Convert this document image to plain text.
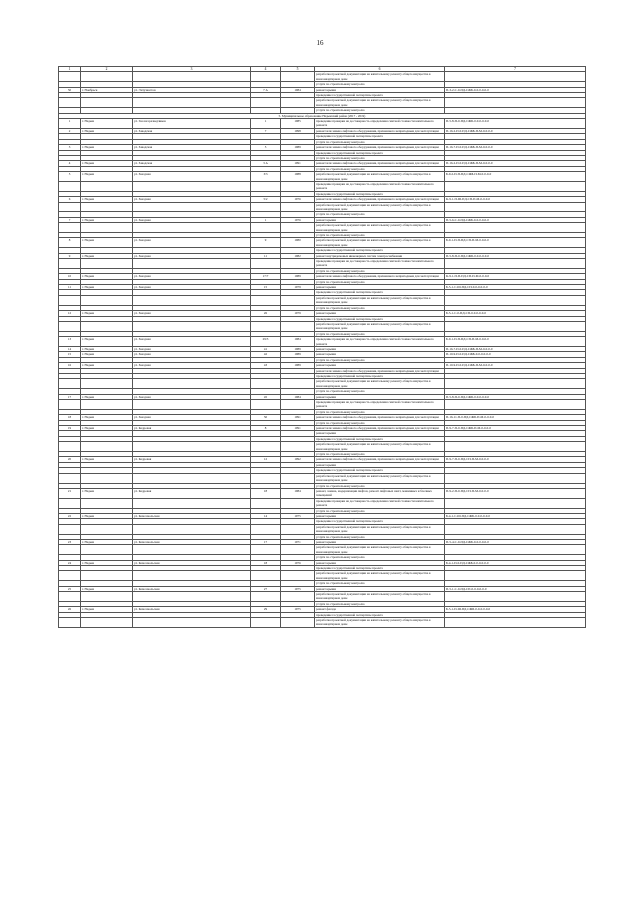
16
1	2	3	4	5	6	7
					разработка проектной документации на капитальному ремонту общего имущества в многоквартирном доме	
					услуги по строительному контролю	
50	г. Ноябрьск	ул. Энтузиастов	7 А	1984	ремонт крыши	П-3-2-С-0-ПД-СЖБ-0-0-0-0-0-0
					проведение государственной экспертизы проекта	
					разработка проектной документации на капитальному ремонту общего имущества в многоквартирном доме	
					услуги по строительному контролю	
5. Муниципальное образование Надымский район (2017 - 2019)						
1	г. Надым	ул. Геологоразведчиков	1	1985	проведение проверки на достоверность определения сметной стоимости капитального ремонта	П-5-8-П-0-ПД-СЖБ-0-0-0-0-0-0
2	г. Надым	ул. Заводская	7	1998	ремонт или замена лифтового оборудования, признанного непригодным для эксплуатации	П-16-2-П-0-ПД-СЖБ-П-М-0-0-0-0
					проведение государственной экспертизы проекта	
					услуги по строительному контролю	
3	г. Надым	ул. Заводская	5	1989	ремонт или замена лифтового оборудования, признанного непригодным для эксплуатации	П-16-7-П-0-ПД-СЖБ-П-М-0-0-0-0
					проведение государственной экспертизы проекта	
					услуги по строительному контролю	
4	г. Надым	ул. Заводская	3 А	1991	ремонт или замена лифтового оборудования, признанного непригодным для эксплуатации	П-16-2-П-0-ПД-СЖБ-П-М-0-0-0-0
					услуги по строительному контролю	
5	г. Надым	ул. Звездная	3/3	1988	разработка проектной документации на капитальному ремонту общего имущества в многоквартирном доме	Б-9-2-П-П-ПД-СЖБ-П-М-0-0-0-0
					проведение проверки на достоверность определения сметной стоимости капитального ремонта	
					проведение государственной экспертизы проекта	
6	г. Надым	ул. Звездная	5/2	1976	ремонт или замена лифтового оборудования, признанного непригодным для эксплуатации	К-9-1-П-Ш-ПД-СП-П-М-0-0-0-0
					разработка проектной документации на капитальному ремонту общего имущества в многоквартирном доме	
					услуги по строительному контролю	
7	г. Надым	ул. Звездная	1	1976	ремонт крыши	П-5-6-С-0-ПД-СЖБ-0-0-0-0-0-0
					разработка проектной документации на капитальному ремонту общего имущества в многоквартирном доме	
					услуги по строительному контролю	
8	г. Надым	ул. Звездная	9	1980	разработка проектной документации на капитальному ремонту общего имущества в многоквартирном доме	Б-9-1-П-П-ПД-СП-П-М-0-0-0-0
					проведение государственной экспертизы проекта	
9	г. Надым	ул. Звездная	11	1982	ремонт внутридомовых инженерных систем электроснабжения	П-5-8-П-0-ПД-СЖБ-0-0-0-0-0-0
					проведение проверки на достоверность определения сметной стоимости капитального ремонта	
					услуги по строительному контролю	
10	г. Надым	ул. Звездная	17/7	1989	ремонт или замена лифтового оборудования, признанного непригодным для эксплуатации	К-9-1-П-П-ПД-СП-П-М-0-0-0-0
					услуги по строительному контролю	
11	г. Надым	ул. Звездная	15	1979	ремонт крыши	Б-5-1-С-Ш-ПД-СП-0-0-0-0-0-0
					проведение государственной экспертизы проекта	
					разработка проектной документации на капитальному ремонту общего имущества в многоквартирном доме	
					услуги по строительному контролю	
12	г. Надым	ул. Звездная	26	1979	ремонт крыши	Б-5-1-С-0-ПД-СП-0-0-0-0-0-0
					проведение государственной экспертизы проекта	
					разработка проектной документации на капитальному ремонту общего имущества в многоквартирном доме	
					услуги по строительному контролю	
13	г. Надым	ул. Звездная	29/3	1984	проведение проверки на достоверность определения сметной стоимости капитального ремонта	Б-9-1-П-П-ПД-СП-П-М-0-0-0-0
14	г. Надым	ул. Звездная	41	1989	ремонт крыши	П-16-7-П-0-ПД-СЖБ-П-М-0-0-0-0
15	г. Надым	ул. Звездная	42	1989	ремонт крыши	П-10-9-П-0-ПД-СЖБ-0-0-0-0-0-0
					услуги по строительному контролю	
16	г. Надым	ул. Звездная	43	1989	ремонт крыши	П-10-9-П-0-ПД-СЖБ-П-М-0-0-0-0
					ремонт или замена лифтового оборудования, признанного непригодным для эксплуатации	
					проведение государственной экспертизы проекта	
					разработка проектной документации на капитальному ремонту общего имущества в многоквартирном доме	
					услуги по строительному контролю	
17	г. Надым	ул. Звездная	45	1984	ремонт крыши	П-5-8-П-0-ПД-СЖБ-0-0-0-0-0-0
					проведение проверки на достоверность определения сметной стоимости капитального ремонта	
					услуги по строительному контролю	
18	г. Надым	ул. Звездная	50	1991	ремонт или замена лифтового оборудования, признанного непригодным для эксплуатации	П-16-11-П-0-ПД-СЖБ-П-М-0-0-0-0
					услуги по строительному контролю	
19	г. Надым	ул. Кедровая	8	1991	ремонт или замена лифтового оборудования, признанного непригодным для эксплуатации	П-9-7-П-0-ПД-СЖБ-П-М-0-0-0-0
					ремонт крыши	
					проведение государственной экспертизы проекта	
					разработка проектной документации на капитальному ремонту общего имущества в многоквартирном доме	
					услуги по строительному контролю	
20	г. Надым	ул. Кедровая	12	1992	ремонт или замена лифтового оборудования, признанного непригодным для эксплуатации	П-9-7-П-0-ПД-СП-П-М-0-0-0-0
					ремонт крыши	
					проведение государственной экспертизы проекта	
					разработка проектной документации на капитальному ремонту общего имущества в многоквартирном доме	
					услуги по строительному контролю	
21	г. Надым	ул. Кедровая	18	1984	ремонт, замена, модернизация лифтов, ремонт лифтовых шахт, машинных и блочных помещений	П-9-2-П-0-ПД-СП-П-М-0-0-0-0
					проведение проверки на достоверность определения сметной стоимости капитального ремонта	
					услуги по строительному контролю	
22	г. Надым	ул. Комсомольская	14	1975	ремонт крыши	Б-4-1-С-Ш-ПД-СЖБ-0-0-0-0-0-0
					проведение государственной экспертизы проекта	
					разработка проектной документации на капитальному ремонту общего имущества в многоквартирном доме	
					услуги по строительному контролю	
23	г. Надым	ул. Комсомольская	17	1971	ремонт крыши	П-5-4-С-0-ПД-СЖБ-0-0-0-0-0-0
					разработка проектной документации на капитальному ремонту общего имущества в многоквартирном доме	
					услуги по строительному контролю	
24	г. Надым	ул. Комсомольская	18	1976	ремонт крыши	Б-4-1-П-0-ПД-СЖБ-0-0-0-0-0-0
					проведение государственной экспертизы проекта	
					разработка проектной документации на капитальному ремонту общего имущества в многоквартирном доме	
					услуги по строительному контролю	
25	г. Надым	ул. Комсомольская	27	1975	ремонт крыши	П-5-1-С-0-ПД-СП-0-0-0-0-0-0
					разработка проектной документации на капитальному ремонту общего имущества в многоквартирном доме	
					услуги по строительному контролю	
26	г. Надым	ул. Комсомольская	29	1975	ремонт фасада	Б-5-1-П-Ш-ПД-СЖБ-0-0-0-0-0-0
					проведение государственной экспертизы проекта	
					разработка проектной документации на капитальному ремонту общего имущества в многоквартирном доме	
